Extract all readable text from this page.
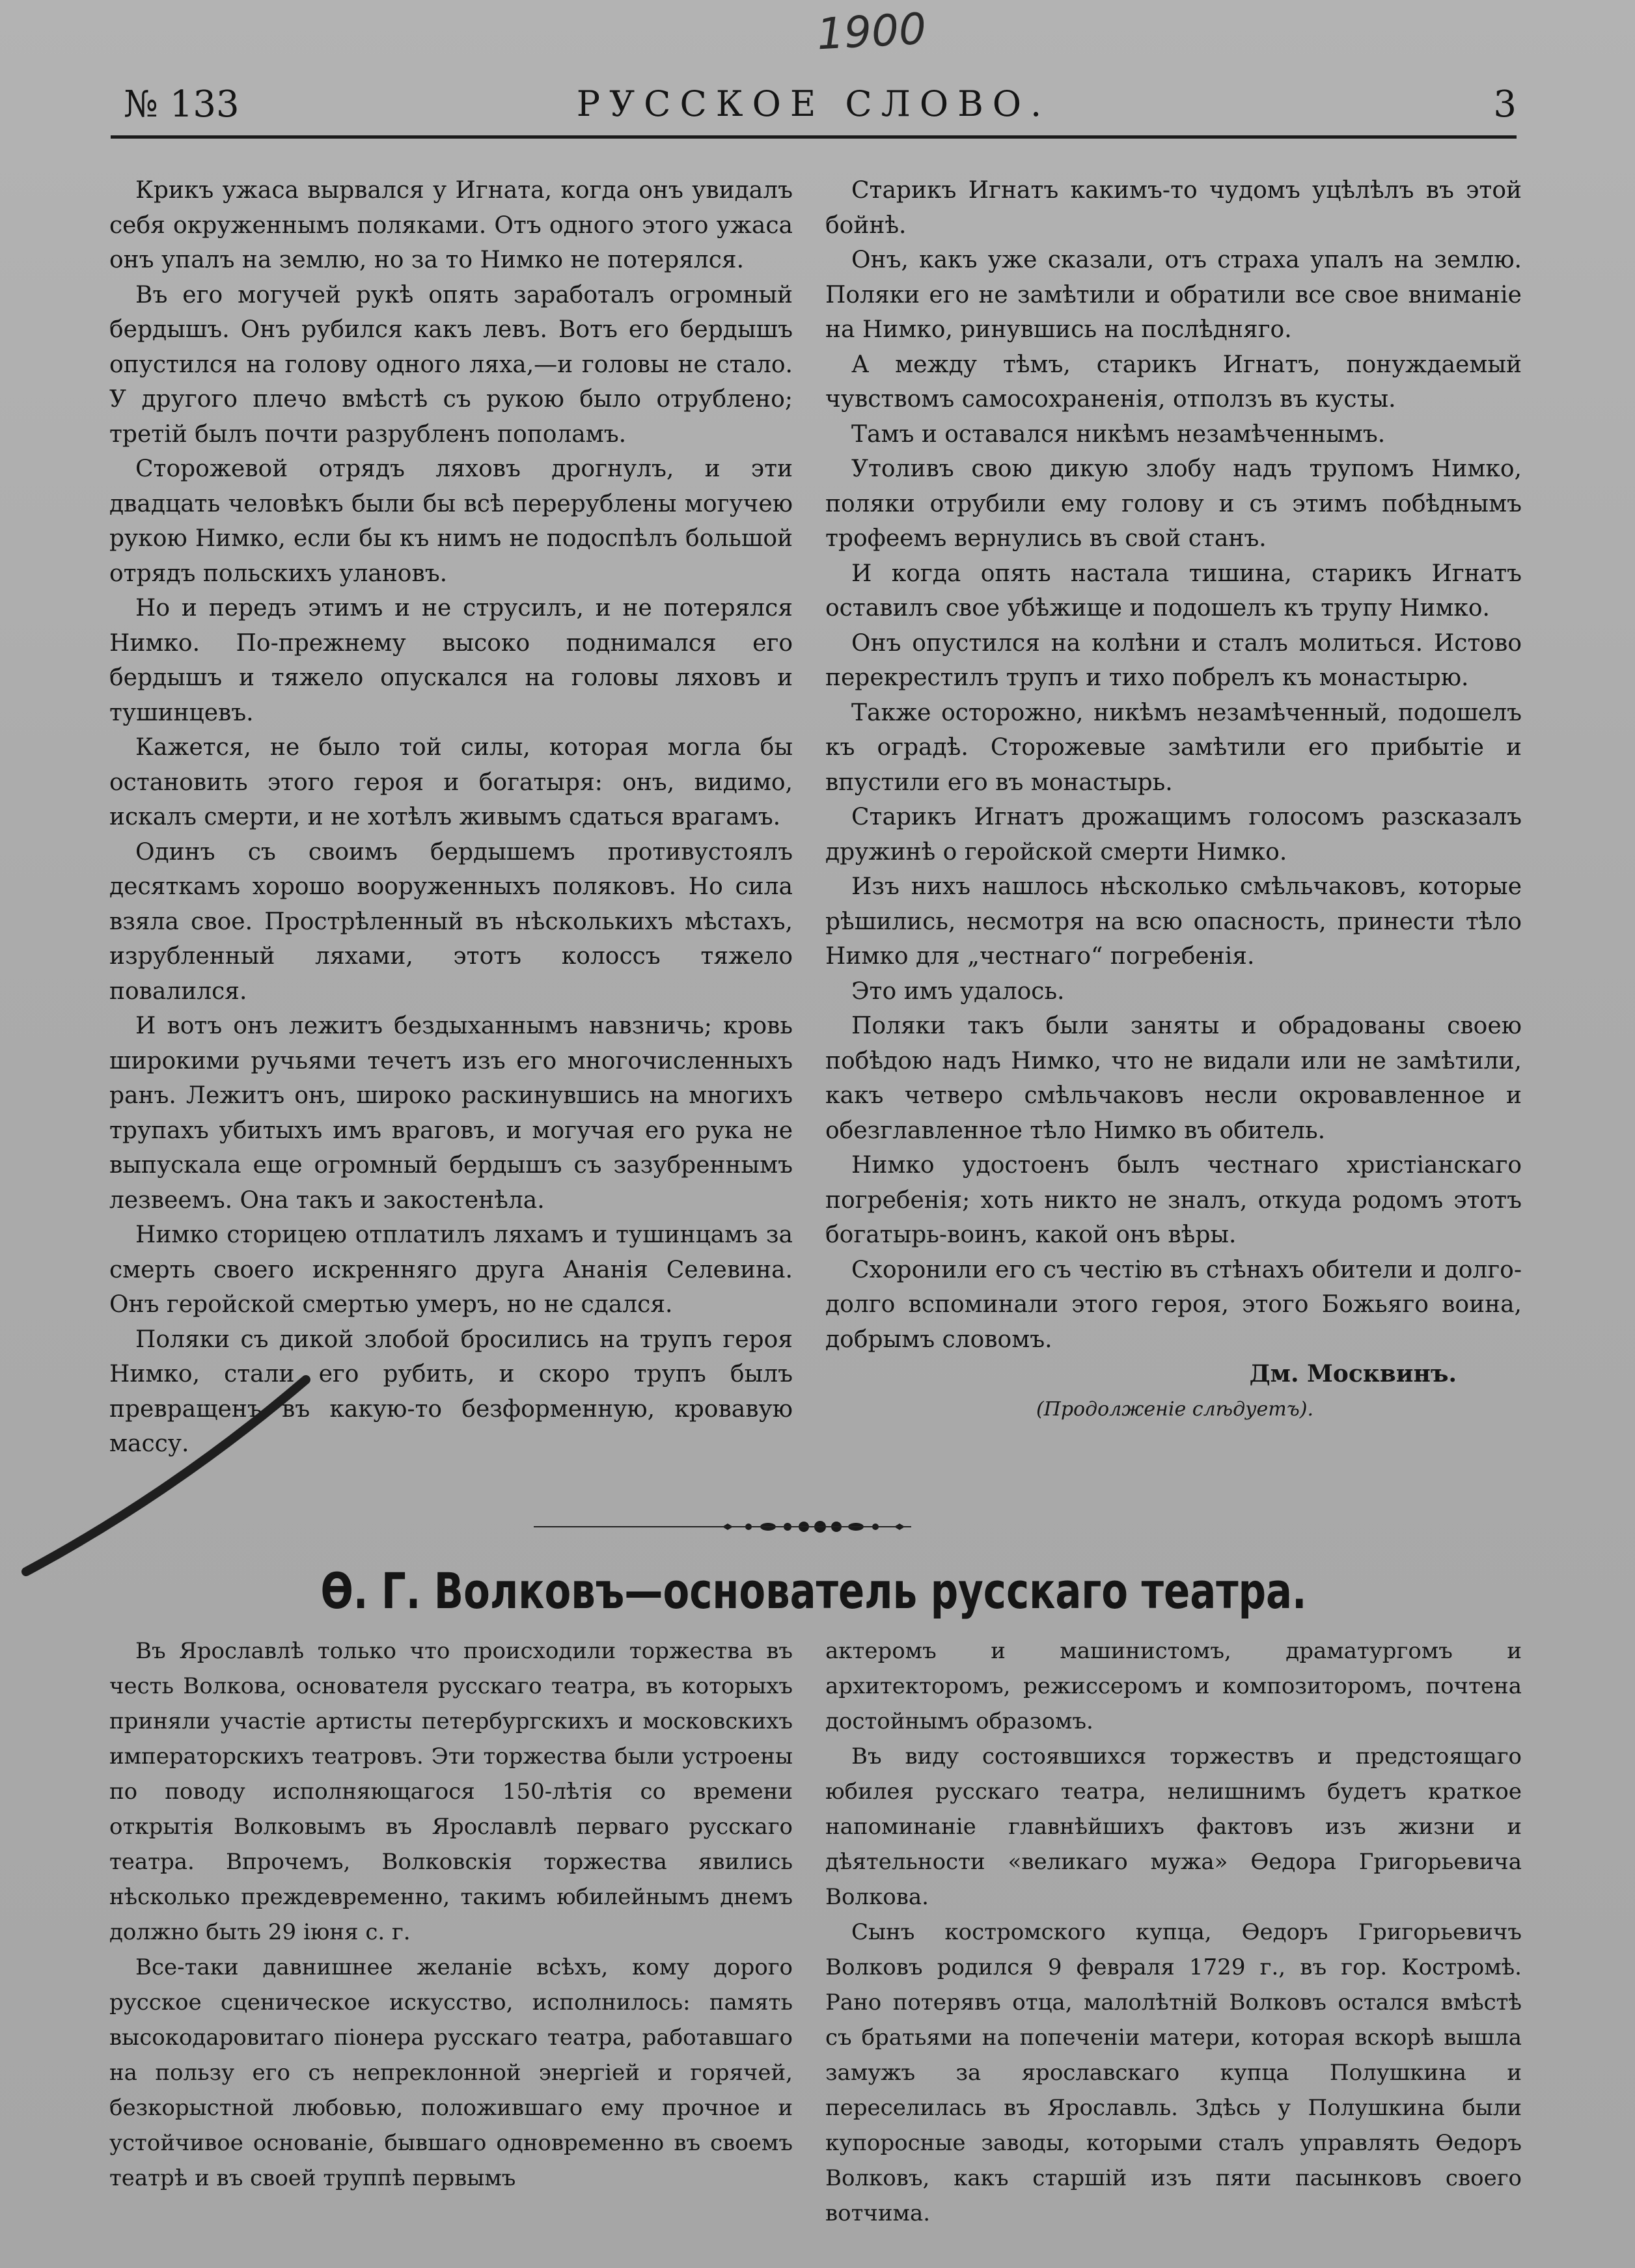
1900
№ 133	РУССКОЕ СЛОВО.	3

Крикъ ужаса вырвался у Игната, когда онъ увидалъ себя окруженнымъ поляками. Отъ одного этого ужаса онъ упалъ на землю, но за то Нимко не потерялся.

Въ его могучей рукѣ опять заработалъ огромный бердышъ. Онъ рубился какъ левъ. Вотъ его бердышъ опустился на голову одного ляха,—и головы не стало. У другого плечо вмѣстѣ съ рукою было отрублено; третій былъ почти разрубленъ пополамъ.

Сторожевой отрядъ ляховъ дрогнулъ, и эти двадцать человѣкъ были бы всѣ перерублены могучею рукою Нимко, если бы къ нимъ не подоспѣлъ большой отрядъ польскихъ улановъ.

Но и передъ этимъ и не струсилъ, и не потерялся Нимко. По-прежнему высоко поднимался его бердышъ и тяжело опускался на головы ляховъ и тушинцевъ.

Кажется, не было той силы, которая могла бы остановить этого героя и богатыря: онъ, видимо, искалъ смерти, и не хотѣлъ живымъ сдаться врагамъ.

Одинъ съ своимъ бердышемъ противустоялъ десяткамъ хорошо вооруженныхъ поляковъ. Но сила взяла свое. Прострѣленный въ нѣсколькихъ мѣстахъ, изрубленный ляхами, этотъ колоссъ тяжело повалился.

И вотъ онъ лежитъ бездыханнымъ навзничь; кровь широкими ручьями течетъ изъ его многочисленныхъ ранъ. Лежитъ онъ, широко раскинувшись на многихъ трупахъ убитыхъ имъ враговъ, и могучая его рука не выпускала еще огромный бердышъ съ зазубреннымъ лезвеемъ. Она такъ и закостенѣла.

Нимко сторицею отплатилъ ляхамъ и тушинцамъ за смерть своего искренняго друга Ананія Селевина. Онъ геройской смертью умеръ, но не сдался.

Поляки съ дикой злобой бросились на трупъ героя Нимко, стали его рубить, и скоро трупъ былъ превращенъ въ какую-то безформенную, кровавую массу.

Старикъ Игнатъ какимъ-то чудомъ уцѣлѣлъ въ этой бойнѣ.

Онъ, какъ уже сказали, отъ страха упалъ на землю. Поляки его не замѣтили и обратили все свое вниманіе на Нимко, ринувшись на послѣдняго.

А между тѣмъ, старикъ Игнатъ, понуждаемый чувствомъ самосохраненія, отползъ въ кусты.

Тамъ и оставался никѣмъ незамѣченнымъ.

Утоливъ свою дикую злобу надъ трупомъ Нимко, поляки отрубили ему голову и съ этимъ побѣднымъ трофеемъ вернулись въ свой станъ.

И когда опять настала тишина, старикъ Игнатъ оставилъ свое убѣжище и подошелъ къ трупу Нимко.

Онъ опустился на колѣни и сталъ молиться. Истово перекрестилъ трупъ и тихо побрелъ къ монастырю.

Также осторожно, никѣмъ незамѣченный, подошелъ къ оградѣ. Сторожевые замѣтили его прибытіе и впустили его въ монастырь.

Старикъ Игнатъ дрожащимъ голосомъ разсказалъ дружинѣ о геройской смерти Нимко.

Изъ нихъ нашлось нѣсколько смѣльчаковъ, которые рѣшились, несмотря на всю опасность, принести тѣло Нимко для „честнаго“ погребенія.

Это имъ удалось.

Поляки такъ были заняты и обрадованы своею побѣдою надъ Нимко, что не видали или не замѣтили, какъ четверо смѣльчаковъ несли окровавленное и обезглавленное тѣло Нимко въ обитель.

Нимко удостоенъ былъ честнаго христіанскаго погребенія; хоть никто не зналъ, откуда родомъ этотъ богатырь-воинъ, какой онъ вѣры.

Схоронили его съ честію въ стѣнахъ обители и долго-долго вспоминали этого героя, этого Божьяго воина, добрымъ словомъ.

Дм. Москвинъ.

(Продолженіе слѣдуетъ).

Ѳ. Г. Волковъ—основатель русскаго театра.

Въ Ярославлѣ только что происходили торжества въ честь Волкова, основателя русскаго театра, въ которыхъ приняли участіе артисты петербургскихъ и московскихъ императорскихъ театровъ. Эти торжества были устроены по поводу исполняющагося 150-лѣтія со времени открытія Волковымъ въ Ярославлѣ перваго русскаго театра. Впрочемъ, Волковскія торжества явились нѣсколько преждевременно, такимъ юбилейнымъ днемъ должно быть 29 іюня с. г.

Все-таки давнишнее желаніе всѣхъ, кому дорого русское сценическое искусство, исполнилось: память высокодаровитаго піонера русскаго театра, работавшаго на пользу его съ непреклонной энергіей и горячей, безкорыстной любовью, положившаго ему прочное и устойчивое основаніе, бывшаго одновременно въ своемъ театрѣ и въ своей труппѣ первымъ

актеромъ и машинистомъ, драматургомъ и архитекторомъ, режиссеромъ и композиторомъ, почтена достойнымъ образомъ.

Въ виду состоявшихся торжествъ и предстоящаго юбилея русскаго театра, нелишнимъ будетъ краткое напоминаніе главнѣйшихъ фактовъ изъ жизни и дѣятельности «великаго мужа» Ѳедора Григорьевича Волкова.

Сынъ костромского купца, Ѳедоръ Григорьевичъ Волковъ родился 9 февраля 1729 г., въ гор. Костромѣ. Рано потерявъ отца, малолѣтній Волковъ остался вмѣстѣ съ братьями на попеченіи матери, которая вскорѣ вышла замужъ за ярославскаго купца Полушкина и переселилась въ Ярославль. Здѣсь у Полушкина были купоросные заводы, которыми сталъ управлять Ѳедоръ Волковъ, какъ старшій изъ пяти пасынковъ своего вотчима.
